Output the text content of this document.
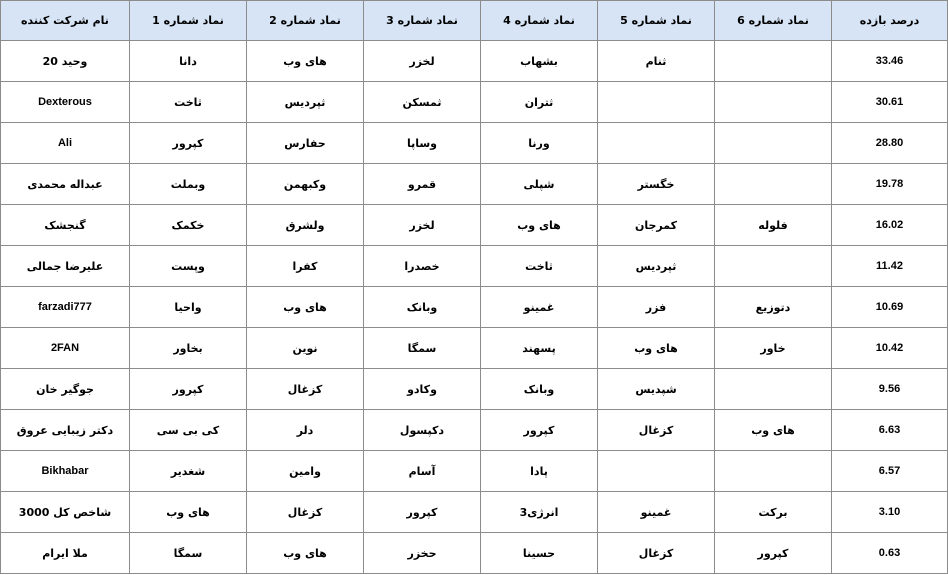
نام شرکت کننده	نماد شماره 1	نماد شماره 2	نماد شماره 3	نماد شماره 4	نماد شماره 5	نماد شماره 6	درصد بازده
وحید 20	دانا	های وب	لخزر	بشهاب	ثنام		33.46
Dexterous	ثاخت	ثپردیس	ثمسکن	ثتران			30.61
Ali	کپرور	حفارس	وساپا	ورنا			28.80
عبداله محمدی	وبملت	وکبهمن	قمرو	شپلی	خگستر		19.78
گنجشک	خکمک	ولشرق	لخزر	های وب	کمرجان	فلوله	16.02
علیرضا جمالی	وپست	کفرا	خصدرا	ثاخت	ثپردیس		11.42
farzadi777	واحیا	های وب	وبانک	غمینو	فزر	دتوزیع	10.69
2FAN	بخاور	نوین	سمگا	پسهند	های وب	خاور	10.42
جوگیر خان	کپرور	کزغال	وکادو	وبانک	شپدیس		9.56
دکتر زیبایی عروق	کی بی سی	دلر	دکپسول	کپرور	کزغال	های وب	6.63
Bikhabar	شغدیر	وامین	آسام	پادا			6.57
شاخص کل 3000	های وب	کزغال	کپرور	انرژی3	غمینو	برکت	3.10
ملا ایرام	سمگا	های وب	حخزر	حسینا	کزغال	کپرور	0.63
